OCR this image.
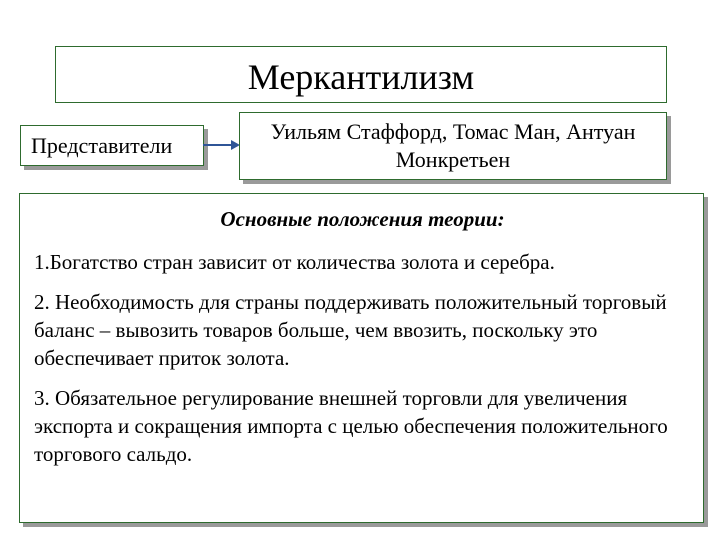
Меркантилизм
Представители
Уильям Стаффорд, Томас Ман, Антуан Монкретьен
Основные положения теории:

1.Богатство стран зависит от количества золота и серебра.

2. Необходимость для страны поддерживать положительный торговый баланс – вывозить товаров больше, чем ввозить, поскольку это обеспечивает приток золота.

3. Обязательное регулирование внешней торговли для увеличения экспорта и сокращения импорта с целью обеспечения положительного торгового сальдо.
